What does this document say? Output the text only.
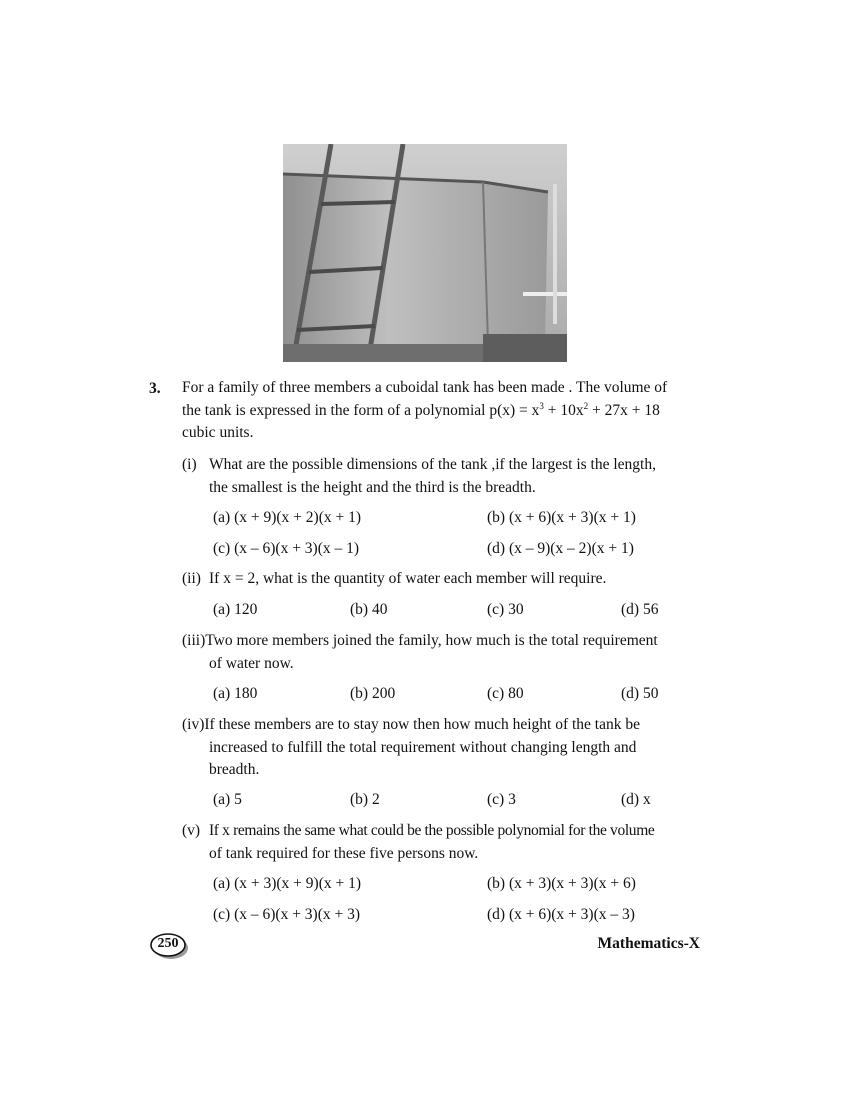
3. For a family of three members a cuboidal tank has been made . The volume of
the tank is expressed in the form of a polynomial $p(x) = x^3 + 10x^2 + 27x + 18$
cubic units.
(i) What are the possible dimensions of the tank ,if the largest is the length,
the smallest is the height and the third is the breadth.
(a) (x + 9)(x + 2)(x + 1)	(b) (x + 6)(x + 3)(x + 1)
(c) (x – 6)(x + 3)(x – 1)	(d) (x – 9)(x – 2)(x + 1)
(ii) If x = 2, what is the quantity of water each member will require.
(a) 120	(b) 40	(c) 30	(d) 56
(iii)Two more members joined the family, how much is the total requirement
of water now.
(a) 180	(b) 200	(c) 80	(d) 50
(iv)If these members are to stay now then how much height of the tank be
increased to fulfill the total requirement without changing length and
breadth.
(a) 5	(b) 2	(c) 3	(d) x
(v) If x remains the same what could be the possible polynomial for the volume
of tank required for these five persons now.
(a) (x + 3)(x + 9)(x + 1)	(b) (x + 3)(x + 3)(x + 6)
(c) (x – 6)(x + 3)(x + 3)	(d) (x + 6)(x + 3)(x – 3)
250	Mathematics-X
